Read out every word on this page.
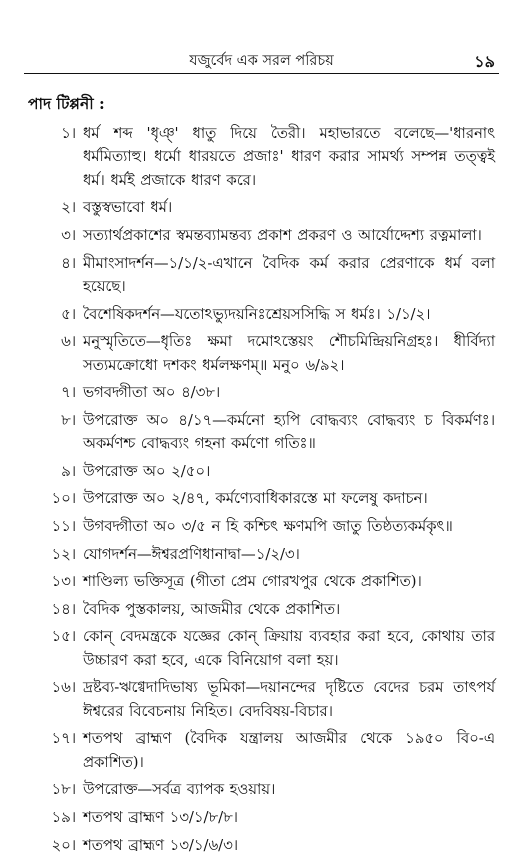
যজুর্বেদ এক সরল পরিচয়	১৯
পাদ টিপ্পনী :
১। ধর্ম শব্দ 'ধৃঞ্' ধাতু দিয়ে তৈরী। মহাভারতে বলেছে—'ধারনাৎ ধর্মমিত্যাহু। ধর্মো ধারয়তে প্রজাঃ' ধারণ করার সামর্থ্য সম্পন্ন তত্ত্বই ধর্ম। ধর্মই প্রজাকে ধারণ করে।
২। বস্তুস্বভাবো ধর্ম।
৩। সত্যার্থপ্রকাশের স্বমন্তব্যামন্তব্য প্রকাশ প্রকরণ ও আর্যোদ্দেশ্য রত্নমালা।
৪। মীমাংসাদর্শন—১/১/২-এখানে বৈদিক কর্ম করার প্রেরণাকে ধর্ম বলা হয়েছে।
৫। বৈশেষিকদর্শন—যতোঽভ্যুদয়নিঃশ্রেয়সসিদ্ধি স ধর্মঃ। ১/১/২।
৬। মনুস্মৃতিতে—ধৃতিঃ ক্ষমা দমোঽস্তেয়ং শৌচমিন্দ্রিয়নিগ্রহঃ। ধীর্বিদ্যা সত্যমক্রোধো দশকং ধর্মলক্ষণম্॥ মনু০ ৬/৯২।
৭। ভগবদ্গীতা অ০ ৪/৩৮।
৮। উপরোক্ত অ০ ৪/১৭—কর্মনো হ্যপি বোদ্ধব্যং বোদ্ধব্যং চ বিকর্মণঃ। অকর্মণশ্চ বোদ্ধব্যং গহনা কর্মণো গতিঃ॥
৯। উপরোক্ত অ০ ২/৫০।
১০। উপরোক্ত অ০ ২/৪৭, কর্মণ্যেবাধিকারস্তে মা ফলেষু কদাচন।
১১। উগবদ্গীতা অ০ ৩/৫ ন হি কশ্চিৎ ক্ষণমপি জাতু তিষ্ঠত্যকর্মকৃৎ॥
১২। যোগদর্শন—ঈশ্বরপ্রণিধানাদ্বা—১/২/৩।
১৩। শাণ্ডিল্য ভক্তিসূত্র (গীতা প্রেম গোরখপুর থেকে প্রকাশিত)।
১৪। বৈদিক পুস্তকালয়, আজমীর থেকে প্রকাশিত।
১৫। কোন্ বেদমন্ত্রকে যজ্ঞের কোন্ ক্রিয়ায় ব্যবহার করা হবে, কোথায় তার উচ্চারণ করা হবে, একে বিনিয়োগ বলা হয়।
১৬। দ্রষ্টব্য-ঋগ্বেদাদিভাষ্য ভূমিকা—দয়ানন্দের দৃষ্টিতে বেদের চরম তাৎপর্য ঈশ্বরের বিবেচনায় নিহিত। বেদবিষয়-বিচার।
১৭। শতপথ ব্রাহ্মণ (বৈদিক যন্ত্রালয় আজমীর থেকে ১৯৫০ বি০-এ প্রকাশিত)।
১৮। উপরোক্ত—সর্বত্র ব্যাপক হওয়ায়।
১৯। শতপথ ব্রাহ্মণ ১৩/১/৮/৮।
২০। শতপথ ব্রাহ্মণ ১৩/১/৬/৩।
